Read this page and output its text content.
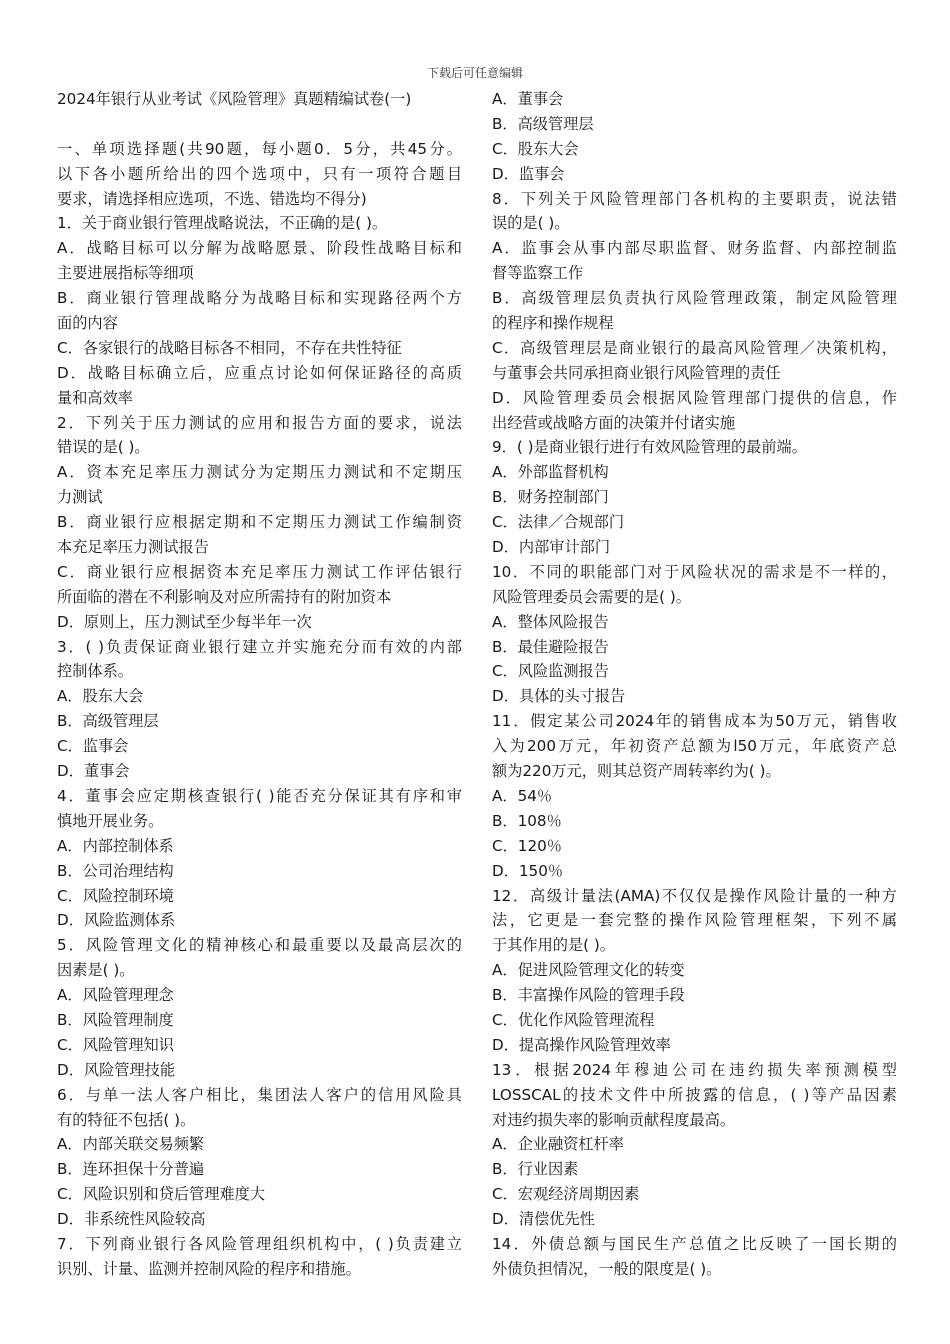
下载后可任意编辑
2024年银行从业考试《风险管理》真题精编试卷(一)
一、单项选择题(共90题，每小题0．5分，共45分。
以下各小题所给出的四个选项中，只有一项符合题目
要求，请选择相应选项，不选、错选均不得分)
1．关于商业银行管理战略说法，不正确的是( )。
A．战略目标可以分解为战略愿景、阶段性战略目标和
主要进展指标等细项
B．商业银行管理战略分为战略目标和实现路径两个方
面的内容
C．各家银行的战略目标各不相同，不存在共性特征
D．战略目标确立后，应重点讨论如何保证路径的高质
量和高效率
2．下列关于压力测试的应用和报告方面的要求，说法
错误的是( )。
A．资本充足率压力测试分为定期压力测试和不定期压
力测试
B．商业银行应根据定期和不定期压力测试工作编制资
本充足率压力测试报告
C．商业银行应根据资本充足率压力测试工作评估银行
所面临的潜在不利影响及对应所需持有的附加资本
D．原则上，压力测试至少每半年一次
3．( )负责保证商业银行建立并实施充分而有效的内部
控制体系。
A．股东大会
B．高级管理层
C．监事会
D．董事会
4．董事会应定期核查银行( )能否充分保证其有序和审
慎地开展业务。
A．内部控制体系
B．公司治理结构
C．风险控制环境
D．风险监测体系
5．风险管理文化的精神核心和最重要以及最高层次的
因素是( )。
A．风险管理理念
B．风险管理制度
C．风险管理知识
D．风险管理技能
6．与单一法人客户相比，集团法人客户的信用风险具
有的特征不包括( )。
A．内部关联交易频繁
B．连环担保十分普遍
C．风险识别和贷后管理难度大
D．非系统性风险较高
7．下列商业银行各风险管理组织机构中，( )负责建立
识别、计量、监测并控制风险的程序和措施。
A．董事会
B．高级管理层
C．股东大会
D．监事会
8．下列关于风险管理部门各机构的主要职责，说法错
误的是( )。
A．监事会从事内部尽职监督、财务监督、内部控制监
督等监察工作
B．高级管理层负责执行风险管理政策，制定风险管理
的程序和操作规程
C．高级管理层是商业银行的最高风险管理／决策机构，
与董事会共同承担商业银行风险管理的责任
D．风险管理委员会根据风险管理部门提供的信息，作
出经营或战略方面的决策并付诸实施
9．( )是商业银行进行有效风险管理的最前端。
A．外部监督机构
B．财务控制部门
C．法律／合规部门
D．内部审计部门
10．不同的职能部门对于风险状况的需求是不一样的，
风险管理委员会需要的是( )。
A．整体风险报告
B．最佳避险报告
C．风险监测报告
D．具体的头寸报告
11．假定某公司2024年的销售成本为50万元，销售收
入为200万元，年初资产总额为l50万元，年底资产总
额为220万元，则其总资产周转率约为( )。
A．54％
B．108％
C．120％
D．150％
12．高级计量法(AMA)不仅仅是操作风险计量的一种方
法，它更是一套完整的操作风险管理框架，下列不属
于其作用的是( )。
A．促进风险管理文化的转变
B．丰富操作风险的管理手段
C．优化作风险管理流程
D．提高操作风险管理效率
13．根据2024年穆迪公司在违约损失率预测模型
LOSSCAL的技术文件中所披露的信息，( )等产品因素
对违约损失率的影响贡献程度最高。
A．企业融资杠杆率
B．行业因素
C．宏观经济周期因素
D．清偿优先性
14．外债总额与国民生产总值之比反映了一国长期的
外债负担情况，一般的限度是( )。
